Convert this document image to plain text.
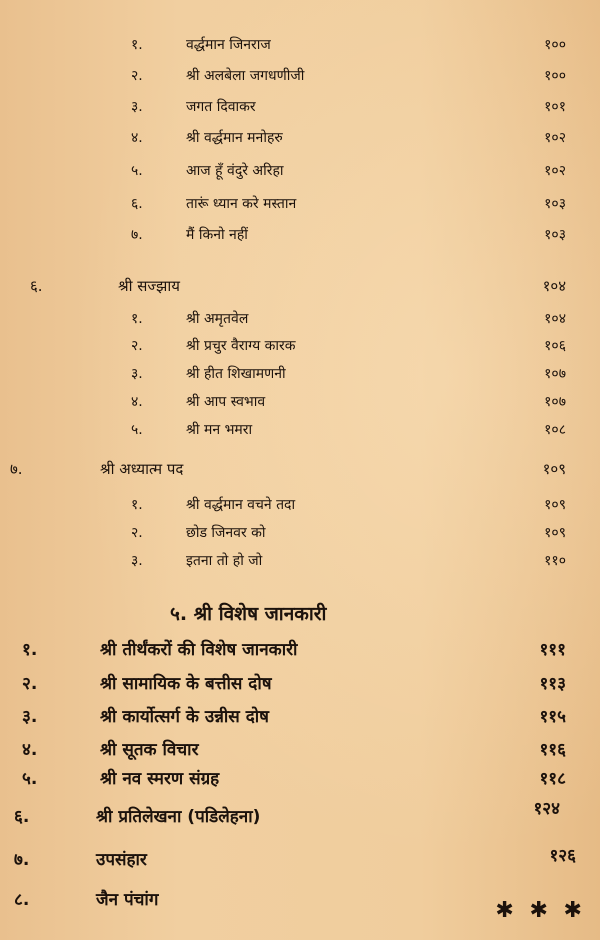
१.	वर्द्धमान जिनराज	१००
२.	श्री अलबेला जगधणीजी	१००
३.	जगत दिवाकर	१०१
४.	श्री वर्द्धमान मनोहरु	१०२
५.	आज हूँ वंदुरे अरिहा	१०२
६.	तारूं ध्यान करे मस्तान	१०३
७.	मैं किनो नहीं	१०३
६.	श्री सज्झाय	१०४
१.	श्री अमृतवेल	१०४
२.	श्री प्रचुर वैराग्य कारक	१०६
३.	श्री हीत शिखामणनी	१०७
४.	श्री आप स्वभाव	१०७
५.	श्री मन भमरा	१०८
७.	श्री अध्यात्म पद	१०९
१.	श्री वर्द्धमान वचने तदा	१०९
२.	छोड जिनवर को	१०९
३.	इतना तो हो जो	११०
५. श्री विशेष जानकारी
१.	श्री तीर्थंकरों की विशेष जानकारी	१११
२.	श्री सामायिक के बत्तीस दोष	११३
३.	श्री कार्योत्सर्ग के उन्नीस दोष	११५
४.	श्री सूतक विचार	११६
५.	श्री नव स्मरण संग्रह	११८
६.	श्री प्रतिलेखना (पडिलेहना)	१२४
७.	उपसंहार	१२६
८.	जैन पंचांग	✱ ✱ ✱
